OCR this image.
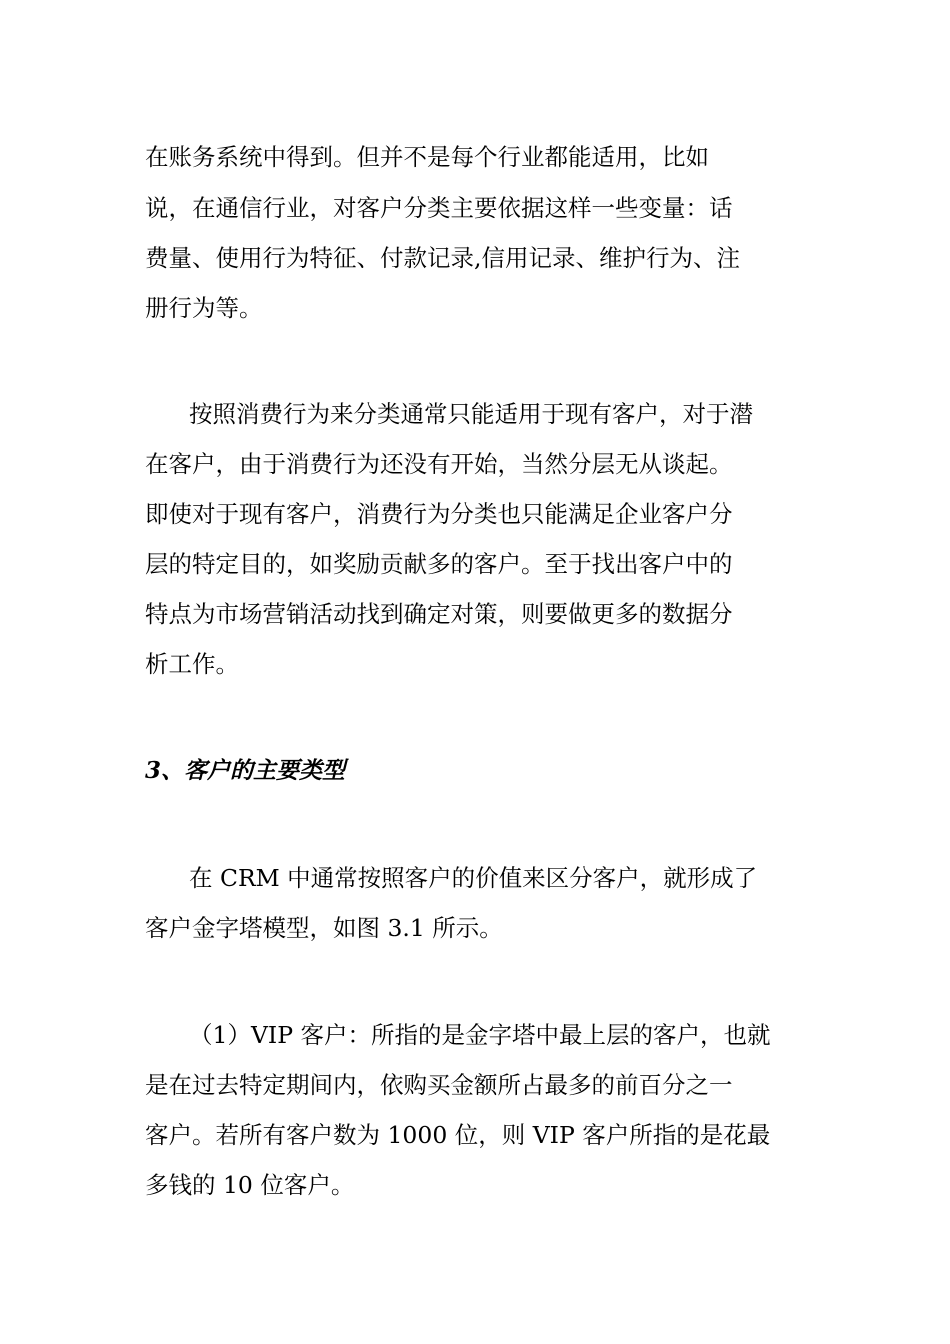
在账务系统中得到。但并不是每个行业都能适用，比如
说，在通信行业，对客户分类主要依据这样一些变量：话
费量、使用行为特征、付款记录,信用记录、维护行为、注
册行为等。
按照消费行为来分类通常只能适用于现有客户，对于潜
在客户，由于消费行为还没有开始，当然分层无从谈起。
即使对于现有客户，消费行为分类也只能满足企业客户分
层的特定目的，如奖励贡献多的客户。至于找出客户中的
特点为市场营销活动找到确定对策，则要做更多的数据分
析工作。
3、客户的主要类型
在 CRM 中通常按照客户的价值来区分客户，就形成了
客户金字塔模型，如图 3.1 所示。
（1）VIP 客户：所指的是金字塔中最上层的客户，也就
是在过去特定期间内，依购买金额所占最多的前百分之一
客户。若所有客户数为 1000 位，则 VIP 客户所指的是花最
多钱的 10 位客户。
